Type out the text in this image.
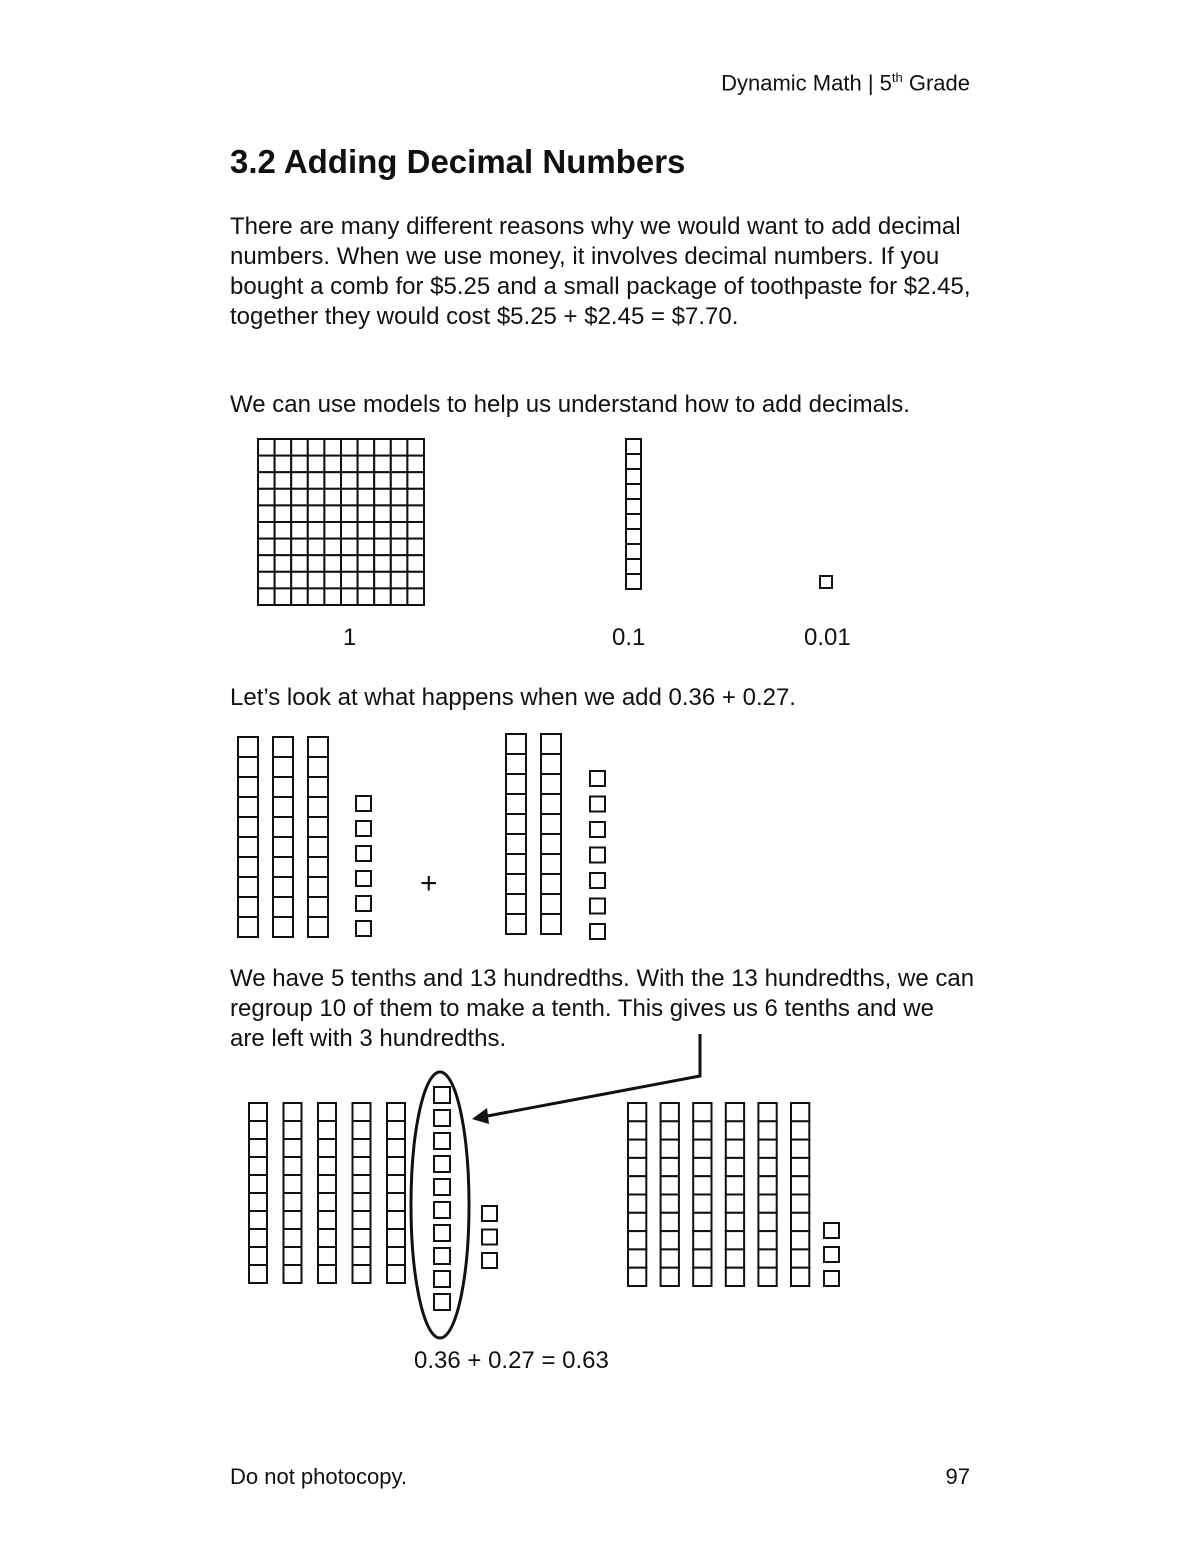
Dynamic Math | 5th Grade
3.2 Adding Decimal Numbers

There are many different reasons why we would want to add decimal numbers. When we use money, it involves decimal numbers. If you bought a comb for $5.25 and a small package of toothpaste for $2.45, together they would cost $5.25 + $2.45 = $7.70.

We can use models to help us understand how to add decimals.

1	0.1	0.01

Let’s look at what happens when we add 0.36 + 0.27.

We have 5 tenths and 13 hundredths. With the 13 hundredths, we can regroup 10 of them to make a tenth. This gives us 6 tenths and we are left with 3 hundredths.

0.36 + 0.27 = 0.63
Do not photocopy.	97
+
